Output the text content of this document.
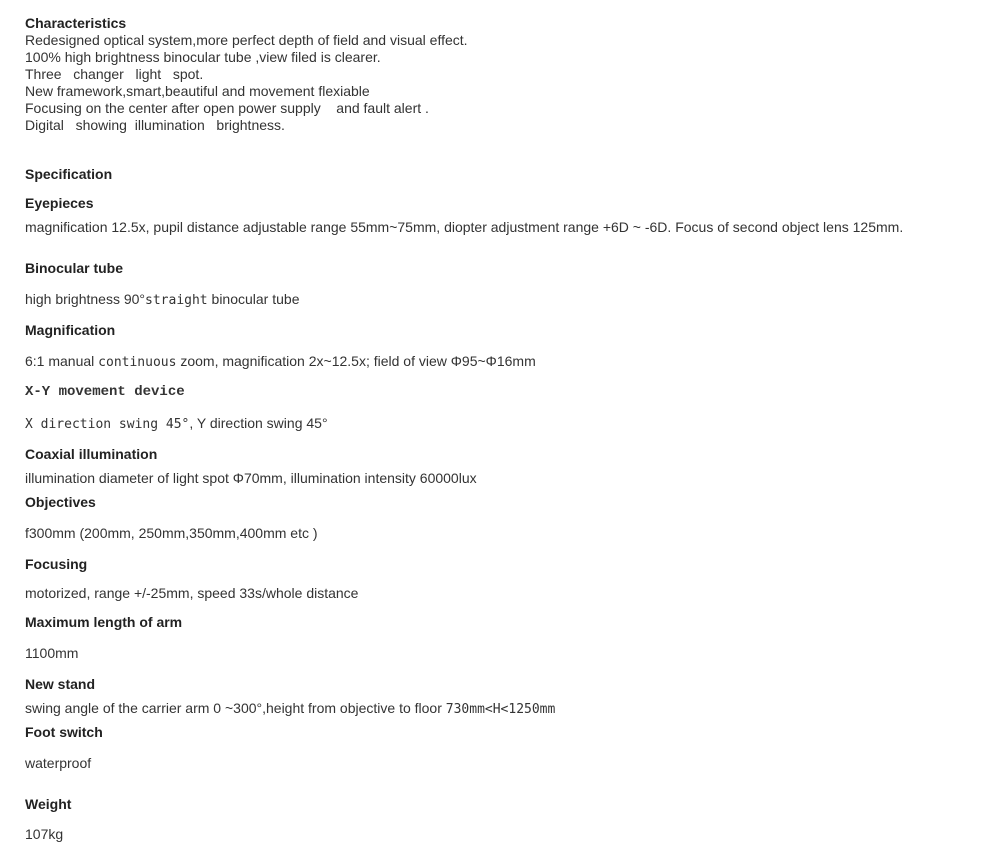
Characteristics
Redesigned optical system,more perfect depth of field and visual effect.
100% high brightness binocular tube ,view filed is clearer.
Three   changer   light   spot.
New framework,smart,beautiful and movement flexiable
Focusing on the center after open power supply    and fault alert .
Digital   showing  illumination   brightness.
Specification
Eyepieces
magnification 12.5x, pupil distance adjustable range 55mm~75mm, diopter adjustment range +6D ~ -6D. Focus of second object lens 125mm.
Binocular tube
high brightness 90°straight binocular tube
Magnification
6:1 manual continuous zoom, magnification 2x~12.5x; field of view Φ95~Φ16mm
X-Y movement device
X direction swing 45°, Y direction swing 45°
Coaxial illumination
illumination diameter of light spot Φ70mm, illumination intensity 60000lux
Objectives
f300mm (200mm, 250mm,350mm,400mm etc )
Focusing
motorized, range +/-25mm, speed 33s/whole distance
Maximum length of arm
1100mm
New stand
swing angle of the carrier arm 0 ~300°,height from objective to floor 730mm<H<1250mm
Foot switch
waterproof
Weight
107kg
